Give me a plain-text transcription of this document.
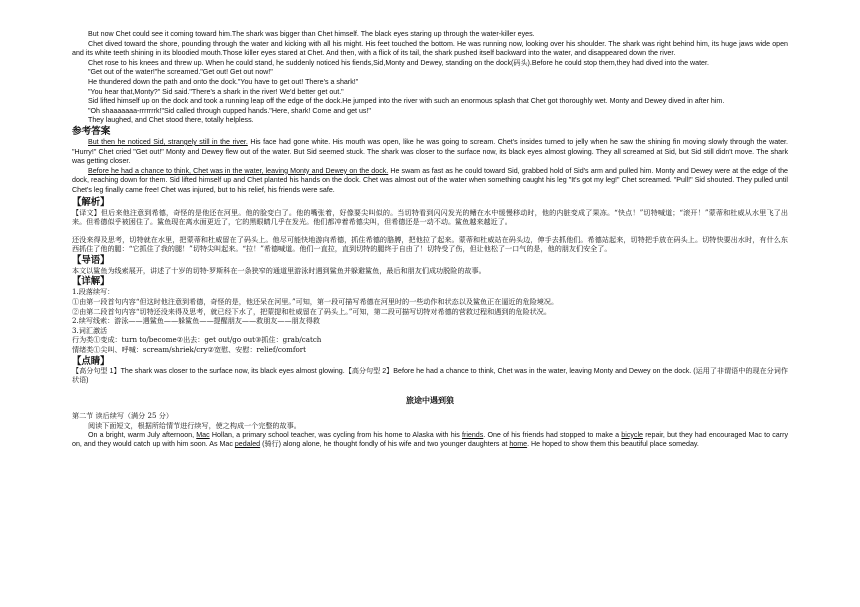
But now Chet could see it coming toward him.The shark was bigger than Chet himself. The black eyes staring up through the water-killer eyes.

Chet dived toward the shore, pounding through the water and kicking with all his might. His feet touched the bottom. He was running now, looking over his shoulder. The shark was right behind him, its huge jaws wide open and its white teeth shining in its bloodied mouth.Those killer eyes stared at Chet. And then, with a flick of its tail, the shark pushed itself backward into the water, and disappeared down the river.

Chet rose to his knees and threw up. When he could stand, he suddenly noticed his fiends,Sid,Monty and Dewey, standing on the dock(码头).Before he could stop them,they had dived into the water.

"Get out of the water!"he screamed."Get out! Get out now!"

He thundered down the path and onto the dock."You have to get out! There's a shark!"

"You hear that,Monty?" Sid said."There's a shark in the river! We'd better get out."

Sid lifted himself up on the dock and took a running leap off the edge of the dock.He jumped into the river with such an enormous splash that Chet got thoroughly wet. Monty and Dewey dived in after him.

"Oh shaaaaaaa-rrrrrrrk!"Sid called through cupped hands."Here, shark! Come and get us!"

They laughed, and Chet stood there, totally helpless.

参考答案

But then he noticed Sid, strangely still in the river. His face had gone white. His mouth was open, like he was going to scream. Chet's insides turned to jelly when he saw the shining fin moving slowly through the water. "Hurry!" Chet cried "Get out!" Monty and Dewey flew out of the water. But Sid seemed stuck. The shark was closer to the surface now, its black eyes almost glowing. They all screamed at Sid, but Sid still didn't move. The shark was getting closer.

Before he had a chance to think, Chet was in the water, leaving Monty and Dewey on the dock. He swam as fast as he could toward Sid, grabbed hold of Sid's arm and pulled him. Monty and Dewey were at the edge of the dock, reaching down for them. Sid lifted himself up and Chet planted his hands on the dock. Chet was almost out of the water when something caught his leg "It's got my leg!" Chet screamed. "Pull!" Sid shouted. They pulled until Chet's leg finally came free! Chet was injured, but to his relief, his friends were safe.

【解析】

【译文】但后来他注意到希德，奇怪的是他还在河里。他的脸变白了。他的嘴张着，好像要尖叫似的。当切特看到闪闪发光的鳍在水中缓慢移动时，他的内脏变成了果冻。“快点！”切特喊道；“滚开！”蒙蒂和杜威从水里飞了出来。但希德似乎被困住了。鲨鱼现在离水面更近了，它的黑眼睛几乎在发光。他们都冲着希德尖叫，但希德还是一动不动。鲨鱼越来越近了。

还没来得及思考，切特就在水里，把蒙蒂和杜威留在了码头上。他尽可能快地游向希德，抓住希德的胳膊，把他拉了起来。蒙蒂和杜威站在码头边，伸手去抓他们。希德站起来，切特把手放在码头上。切特快要出水时，有什么东西抓住了他的腿：“它抓住了我的腿！”切特尖叫起来。“拉！”希德喊道。他们一直拉，直到切特的腿终于自由了！切特受了伤，但让他松了一口气的是，他的朋友们安全了。

【导语】

本文以鲨鱼为线索展开，讲述了十岁的切特·罗斯科在一条狭窄的通道里游泳时遇到鲨鱼并躲避鲨鱼，最后和朋友们成功脱险的故事。

【详解】

1.段落续写：

①由第一段首句内容“但这时他注意到希德，奇怪的是，他还呆在河里。”可知，第一段可描写希德在河里时的一些动作和状态以及鲨鱼正在逼近的危险境况。

②由第二段首句内容“切特还没来得及思考，就已经下水了，把蒙提和杜威留在了码头上。”可知，第二段可描写切特对希德的营救过程和遇到的危险状况。

2.续写线索：游泳——遇鲨鱼——躲鲨鱼——提醒朋友——救朋友——朋友得救

3.词汇激活

行为类①变成：turn to/become②出去：get out/go out③抓住：grab/catch

情绪类①尖叫、呼喊：scream/shriek/cry②宽慰、安慰：relief/comfort

【点睛】

【高分句型 1】The shark was closer to the surface now, its black eyes almost glowing.【高分句型 2】Before he had a chance to think, Chet was in the water, leaving Monty and Dewey on the dock. (运用了非谓语中的现在分词作状语)

旅途中遇到狼

第二节 读后续写（满分 25 分）

阅读下面短文，根据所给情节进行续写，使之构成一个完整的故事。

On a bright, warm July afternoon, Mac Hollan, a primary school teacher, was cycling from his home to Alaska with his friends. One of his friends had stopped to make a bicycle repair, but they had encouraged Mac to carry on, and they would catch up with him soon. As Mac pedaled (骑行) along alone, he thought fondly of his wife and two younger daughters at home. He hoped to show them this beautiful place someday.
